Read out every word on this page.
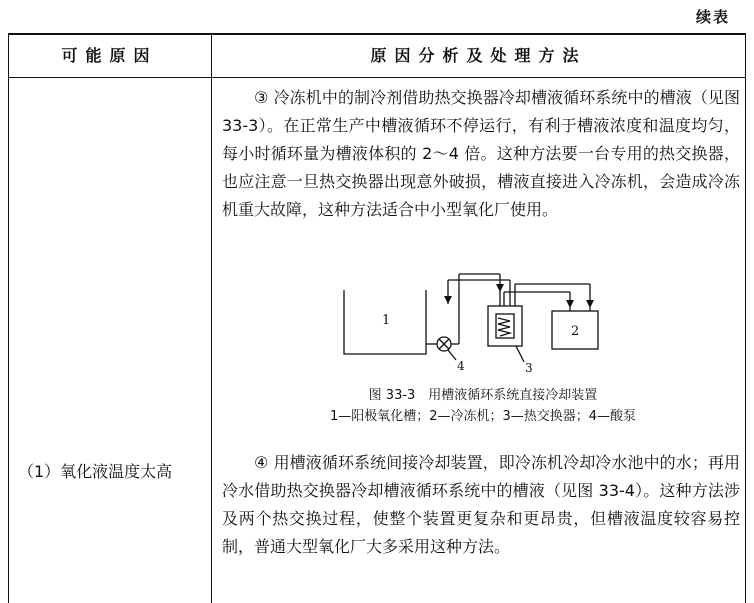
续表
可能原因	原因分析及处理方法
（1）氧化液温度太高
③ 冷冻机中的制冷剂借助热交换器冷却槽液循环系统中的槽液（见图 33-3）。在正常生产中槽液循环不停运行，有利于槽液浓度和温度均匀，每小时循环量为槽液体积的 2～4 倍。这种方法要一台专用的热交换器，也应注意一旦热交换器出现意外破损，槽液直接进入冷冻机，会造成冷冻机重大故障，这种方法适合中小型氧化厂使用。
1
2
3
4
图 33-3　用槽液循环系统直接冷却装置
1—阳极氧化槽；2—冷冻机；3—热交换器；4—酸泵
④ 用槽液循环系统间接冷却装置，即冷冻机冷却冷水池中的水；再用冷水借助热交换器冷却槽液循环系统中的槽液（见图 33-4）。这种方法涉及两个热交换过程，使整个装置更复杂和更昂贵，但槽液温度较容易控制，普通大型氧化厂大多采用这种方法。
